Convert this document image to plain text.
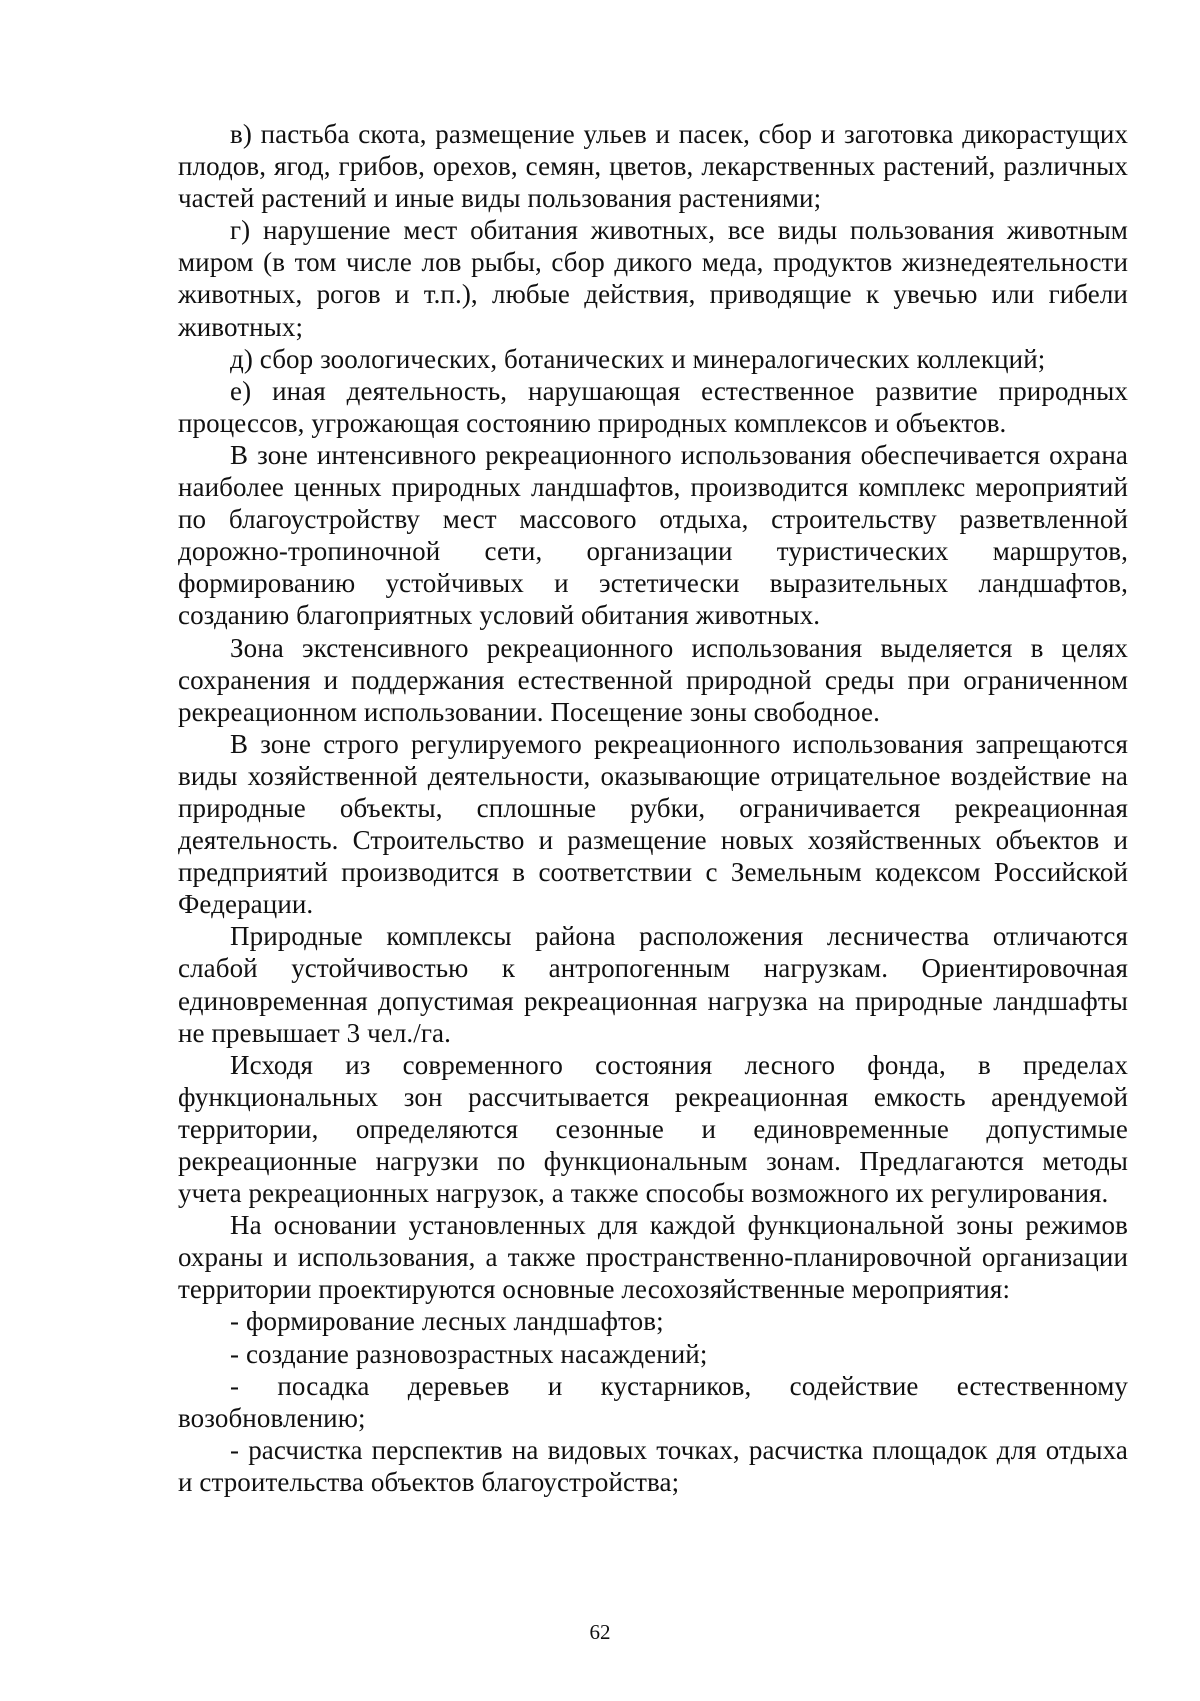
в) пастьба скота, размещение ульев и пасек, сбор и заготовка дикорастущих плодов, ягод, грибов, орехов, семян, цветов, лекарственных растений, различных частей растений и иные виды пользования растениями;

г) нарушение мест обитания животных, все виды пользования животным миром (в том числе лов рыбы, сбор дикого меда, продуктов жизнедеятельности животных, рогов и т.п.), любые действия, приводящие к увечью или гибели животных;

д) сбор зоологических, ботанических и минералогических коллекций;

е) иная деятельность, нарушающая естественное развитие природных процессов, угрожающая состоянию природных комплексов и объектов.

В зоне интенсивного рекреационного использования обеспечивается охрана наиболее ценных природных ландшафтов, производится комплекс мероприятий по благоустройству мест массового отдыха, строительству разветвленной дорожно-тропиночной сети, организации туристических маршрутов, формированию устойчивых и эстетически выразительных ландшафтов, созданию благоприятных условий обитания животных.

Зона экстенсивного рекреационного использования выделяется в целях сохранения и поддержания естественной природной среды при ограниченном рекреационном использовании. Посещение зоны свободное.

В зоне строго регулируемого рекреационного использования запрещаются виды хозяйственной деятельности, оказывающие отрицательное воздействие на природные объекты, сплошные рубки, ограничивается рекреационная деятельность. Строительство и размещение новых хозяйственных объектов и предприятий производится в соответствии с Земельным кодексом Российской Федерации.

Природные комплексы района расположения лесничества отличаются слабой устойчивостью к антропогенным нагрузкам. Ориентировочная единовременная допустимая рекреационная нагрузка на природные ландшафты не превышает 3 чел./га.

Исходя из современного состояния лесного фонда, в пределах функциональных зон рассчитывается рекреационная емкость арендуемой территории, определяются сезонные и единовременные допустимые рекреационные нагрузки по функциональным зонам. Предлагаются методы учета рекреационных нагрузок, а также способы возможного их регулирования.

На основании установленных для каждой функциональной зоны режимов охраны и использования, а также пространственно-планировочной организации территории проектируются основные лесохозяйственные мероприятия:

- формирование лесных ландшафтов;

- создание разновозрастных насаждений;

- посадка деревьев и кустарников, содействие естественному возобновлению;

- расчистка перспектив на видовых точках, расчистка площадок для отдыха и строительства объектов благоустройства;

62
